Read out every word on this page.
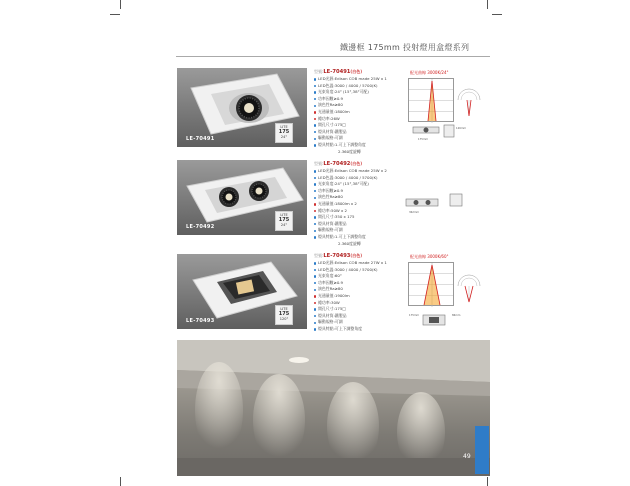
鐵邊框 175mm 投射燈用盒燈系列
LE-70491
LITE
175
24°
型號:LE-70491(白色)
LED光源:Edison COB made 25W x 1
LED色溫:3000 / 4000 / 5700(K)
光束角度:24° (15°,38°可配)
功率因數≥0.9
演色性Ra≥80
光通量值:1800lm
總功率:26W
開孔尺寸:175□
燈具材質:鐵製品
驅動規格:可調
燈具特點:1.可上下調整角度
2.360度旋轉
配光曲線 3000K/24°
126mm
175mm
LE-70492
LITE
175
24°
型號:LE-70492(白色)
LED光源:Edison COB made 25W x 2
LED色溫:3000 / 4000 / 5700(K)
光束角度:24° (15°,38°可配)
功率因數≥0.9
演色性Ra≥80
光通量值:1800lm x 2
總功率:50W x 2
開孔尺寸:350 x 175
燈具材質:鐵製品
驅動規格:可調
燈具特點:1.可上下調整角度
2.360度旋轉
362mm
LE-70493
LITE
175
120°
型號:LE-70493(白色)
LED光源:Edison COB made 27W x 1
LED色溫:3000 / 4000 / 5700(K)
光束角度:60°
功率因數≥0.9
演色性Ra≥80
光通量值:1900lm
總功率:30W
開孔尺寸:175□
燈具材質:鐵製品
驅動規格:可調
燈具特點:可上下調整角度
配光曲線 3000K/60°
175mm	86mm
49
